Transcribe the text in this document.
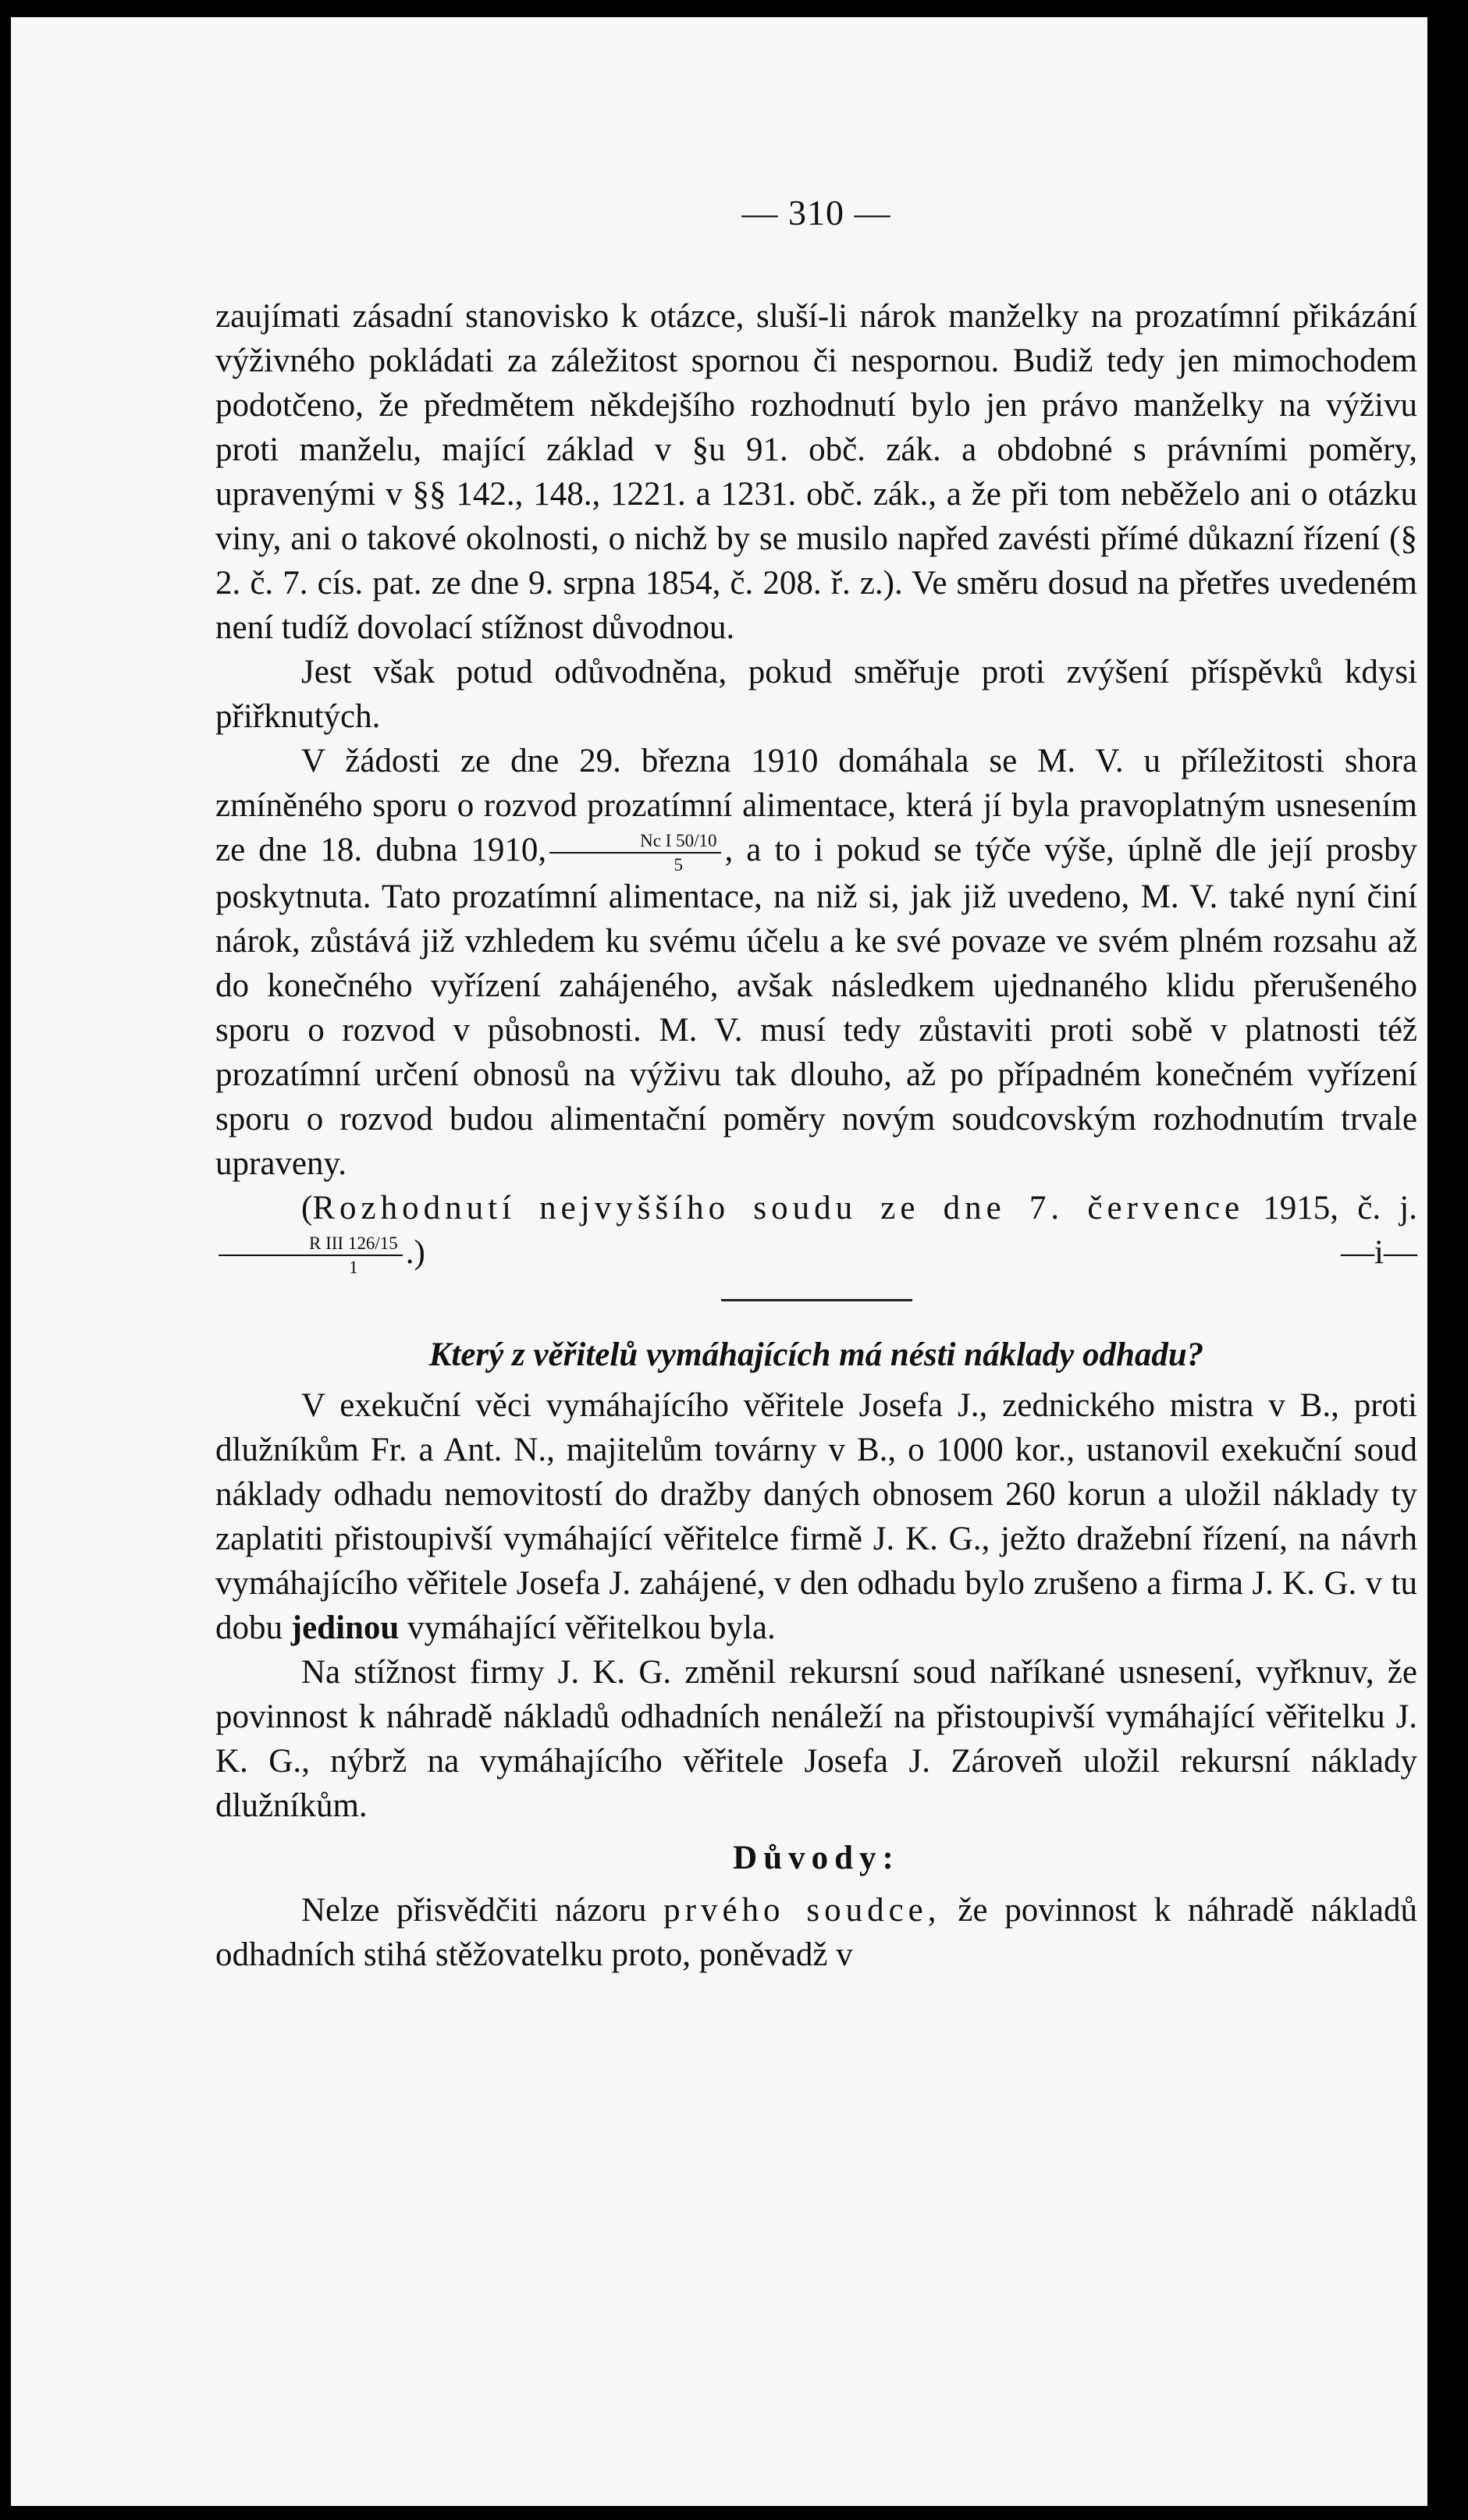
— 310 —

zaujímati zásadní stanovisko k otázce, sluší-li nárok manželky na prozatímní přikázání výživného pokládati za záležitost spornou či nespornou. Budiž tedy jen mimochodem podotčeno, že předmětem někdejšího rozhodnutí bylo jen právo manželky na výživu proti manželu, mající základ v §u 91. obč. zák. a obdobné s právními poměry, upravenými v §§ 142., 148., 1221. a 1231. obč. zák., a že při tom neběželo ani o otázku viny, ani o takové okolnosti, o nichž by se musilo napřed zavésti přímé důkazní řízení (§ 2. č. 7. cís. pat. ze dne 9. srpna 1854, č. 208. ř. z.). Ve směru dosud na přetřes uvedeném není tudíž dovolací stížnost důvodnou.

Jest však potud odůvodněna, pokud směřuje proti zvýšení příspěvků kdysi přiřknutých.

V žádosti ze dne 29. března 1910 domáhala se M. V. u příležitosti shora zmíněného sporu o rozvod prozatímní alimentace, která jí byla pravoplatným usnesením ze dne 18. dubna 1910, $\frac{\text{Nc I 50/10}}{5}$ , a to i pokud se týče výše, úplně dle její prosby poskytnuta. Tato prozatímní alimentace, na niž si, jak již uvedeno, M. V. také nyní činí nárok, zůstává již vzhledem ku svému účelu a ke své povaze ve svém plném rozsahu až do konečného vyřízení zahájeného, avšak následkem ujednaného klidu přerušeného sporu o rozvod v působnosti. M. V. musí tedy zůstaviti proti sobě v platnosti též prozatímní určení obnosů na výživu tak dlouho, až po případném konečném vyřízení sporu o rozvod budou alimentační poměry novým soudcovským rozhodnutím trvale upraveny.

(Rozhodnutí nejvyššího soudu ze dne 7. července 1915, č. j.
$\frac{\text{R III 126/15}}{1}$ .)	—i—

Který z věřitelů vymáhajících má nésti náklady odhadu?

V exekuční věci vymáhajícího věřitele Josefa J., zednického mistra v B., proti dlužníkům Fr. a Ant. N., majitelům továrny v B., o 1000 kor., ustanovil exekuční soud náklady odhadu nemovitostí do dražby daných obnosem 260 korun a uložil náklady ty zaplatiti přistoupivší vymáhající věřitelce firmě J. K. G., ježto dražební řízení, na návrh vymáhajícího věřitele Josefa J. zahájené, v den odhadu bylo zrušeno a firma J. K. G. v tu dobu jedinou vymáhající věřitelkou byla.

Na stížnost firmy J. K. G. změnil rekursní soud naříkané usnesení, vyřknuv, že povinnost k náhradě nákladů odhadních nenáleží na přistoupivší vymáhající věřitelku J. K. G., nýbrž na vymáhajícího věřitele Josefa J. Zároveň uložil rekursní náklady dlužníkům.

Důvody:

Nelze přisvědčiti názoru prvého soudce, že povinnost k náhradě nákladů odhadních stihá stěžovatelku proto, poněvadž v
